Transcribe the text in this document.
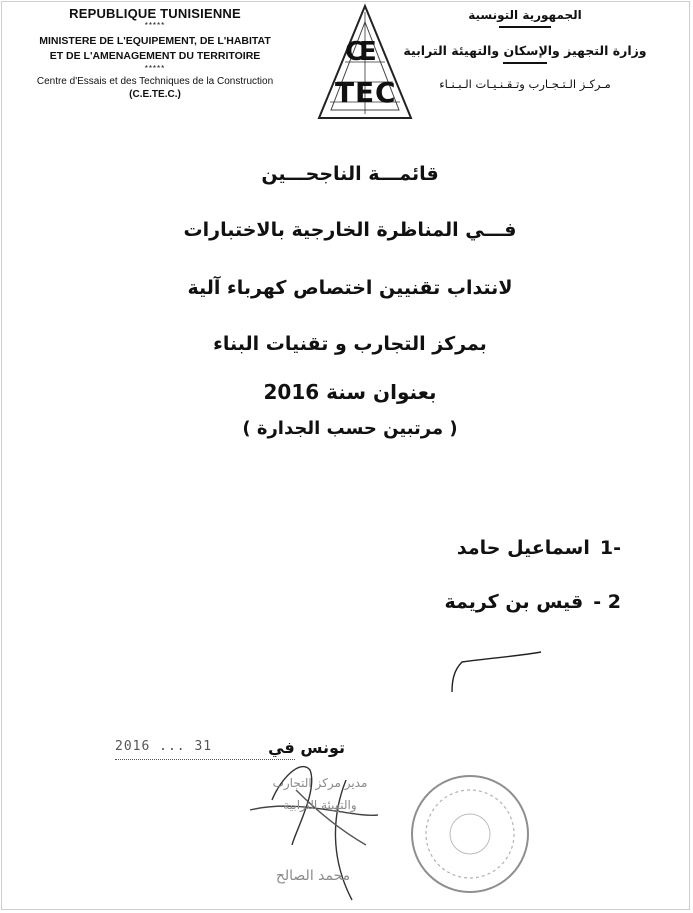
REPUBLIQUE TUNISIENNE
*****
MINISTERE DE L'EQUIPEMENT, DE L'HABITAT
ET DE L'AMENAGEMENT DU TERRITOIRE
*****
Centre d'Essais et des Techniques de la Construction
(C.E.TE.C.)
C
E
T E C
الجمهورية التونسية
وزارة التجهيز والإسكان والتهيئة الترابية
مـركـز الـتـجـارب وتـقـنـيـات الـبـنـاء
قائمـــة الناجحـــين
فـــي المناظرة الخارجية بالاختبارات
لانتداب تقنيين اختصاص كهرباء آلية
بمركز التجارب و تقنيات البناء
بعنوان سنة 2016
( مرتبين حسب الجدارة )
-1اسماعيل حامد
2 -قيس بن كريمة
2016 ... 31	تونس في
مدير مركز التجارب
والتهيئة الترابية
محمد الصالح
